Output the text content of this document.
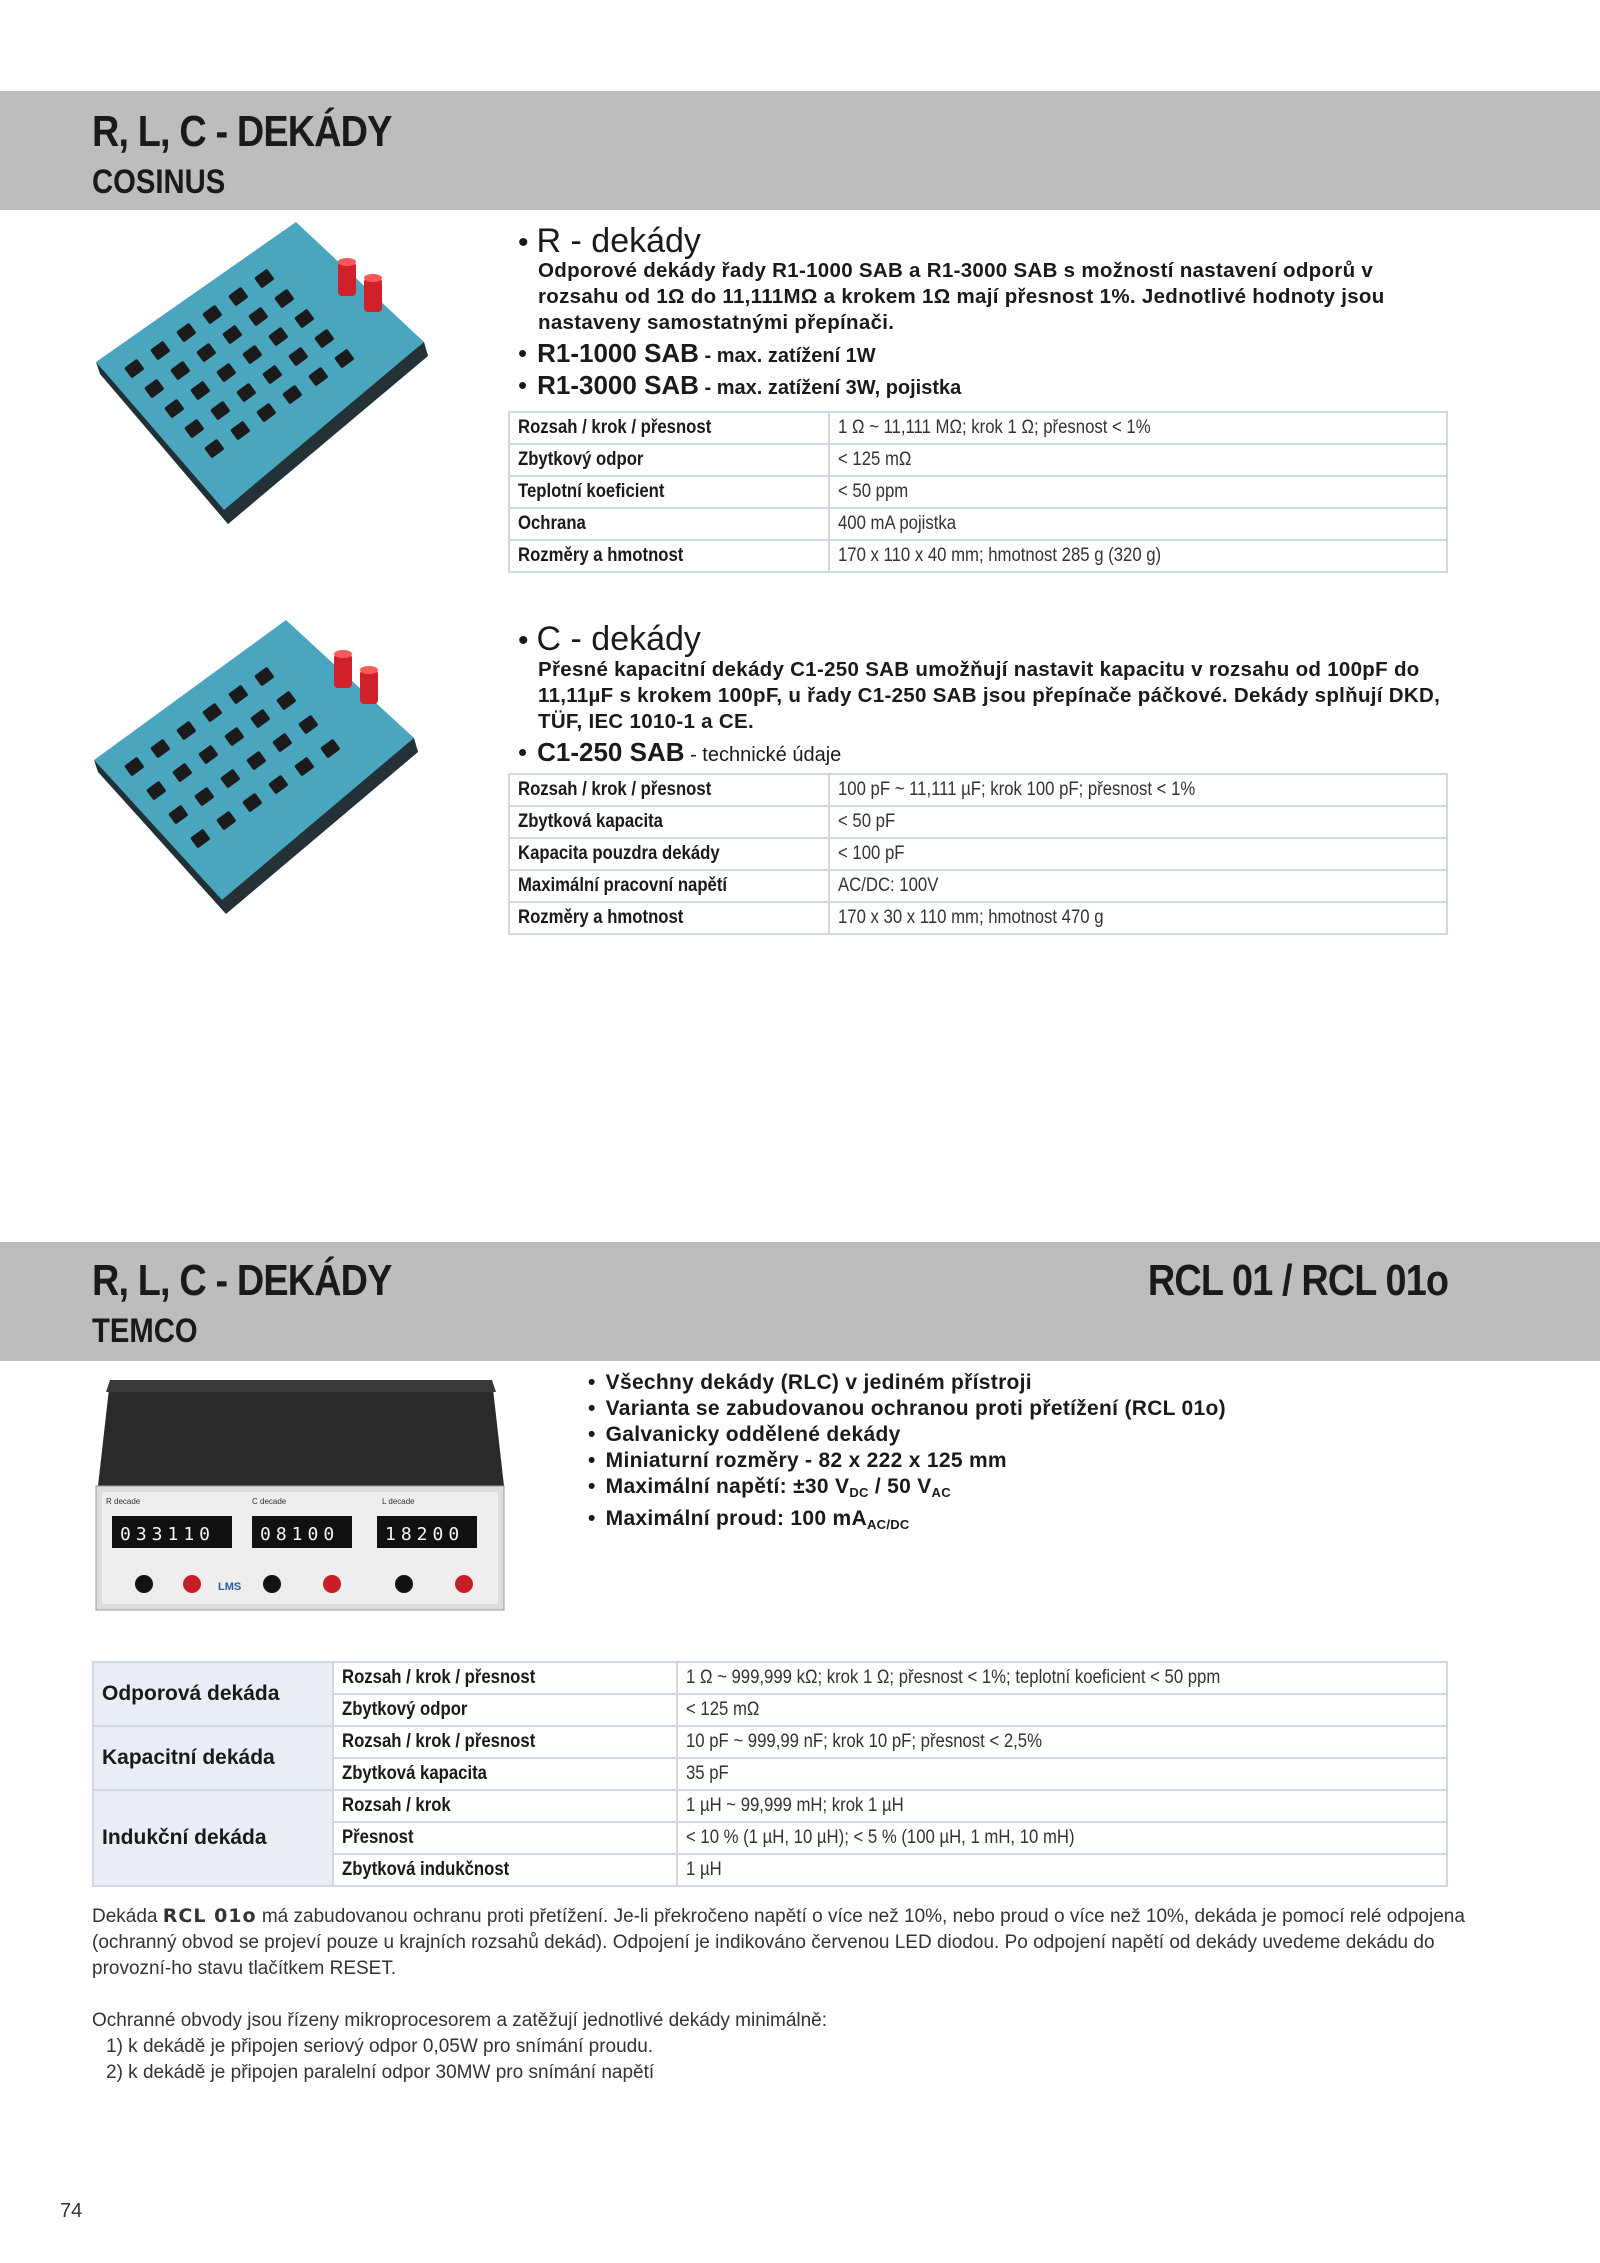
R, L, C - DEKÁDY
COSINUS
• R - dekády
Odporové dekády řady R1-1000 SAB a R1-3000 SAB s možností nastavení odporů v rozsahu od 1Ω do 11,111MΩ a krokem 1Ω mají přesnost 1%. Jednotlivé hodnoty jsou nastaveny samostatnými přepínači.
• R1-1000 SAB - max. zatížení 1W
• R1-3000 SAB - max. zatížení 3W, pojistka
Rozsah / krok / přesnost	1 Ω ~ 11,111 MΩ; krok 1 Ω; přesnost < 1%
Zbytkový odpor	< 125 mΩ
Teplotní koeficient	< 50 ppm
Ochrana	400 mA pojistka
Rozměry a hmotnost	170 x 110 x 40 mm; hmotnost 285 g (320 g)
• C - dekády
Přesné kapacitní dekády C1-250 SAB umožňují nastavit kapacitu v rozsahu od 100pF do 11,11µF s krokem 100pF, u řady C1-250 SAB jsou přepínače páčkové. Dekády splňují DKD, TÜF, IEC 1010-1 a CE.
• C1-250 SAB - technické údaje
Rozsah / krok / přesnost	100 pF ~ 11,111 µF; krok 100 pF; přesnost < 1%
Zbytková kapacita	< 50 pF
Kapacita pouzdra dekády	< 100 pF
Maximální pracovní napětí	AC/DC: 100V
Rozměry a hmotnost	170 x 30 x 110 mm; hmotnost 470 g
R, L, C - DEKÁDY
TEMCO
RCL 01 / RCL 01o
R decade	C decade	L decade
033110 08100	18200
LMS
• Všechny dekády (RLC) v jediném přístroji
• Varianta se zabudovanou ochranou proti přetížení (RCL 01o)
• Galvanicky oddělené dekády
• Miniaturní rozměry - 82 x 222 x 125 mm
• Maximální napětí: ±30 $V_{DC} / 50$ $V_{AC}$
• Maximální proud: 100 $mA_{AC/DC}$
Odporová dekáda	Rozsah / krok / přesnost	1 Ω ~ 999,999 kΩ; krok 1 Ω; přesnost < 1%; teplotní koeficient < 50 ppm
	Zbytkový odpor	< 125 mΩ
Kapacitní dekáda	Rozsah / krok / přesnost	10 pF ~ 999,99 nF; krok 10 pF; přesnost < 2,5%
	Zbytková kapacita	35 pF
Indukční dekáda	Rozsah / krok	1 µH ~ 99,999 mH; krok 1 µH
	Přesnost	< 10 % (1 µH, 10 µH); < 5 % (100 µH, 1 mH, 10 mH)
	Zbytková indukčnost	1 µH
Dekáda RCL 01o má zabudovanou ochranu proti přetížení. Je-li překročeno napětí o více než 10%, nebo proud o více než 10%, dekáda je pomocí relé odpojena (ochranný obvod se projeví pouze u krajních rozsahů dekád). Odpojení je indikováno červenou LED diodou. Po odpojení napětí od dekády uvedeme dekádu do provozní-ho stavu tlačítkem RESET.
Ochranné obvody jsou řízeny mikroprocesorem a zatěžují jednotlivé dekády minimálně:
1) k dekádě je připojen seriový odpor 0,05W pro snímání proudu.
2) k dekádě je připojen paralelní odpor 30MW pro snímání napětí
74
